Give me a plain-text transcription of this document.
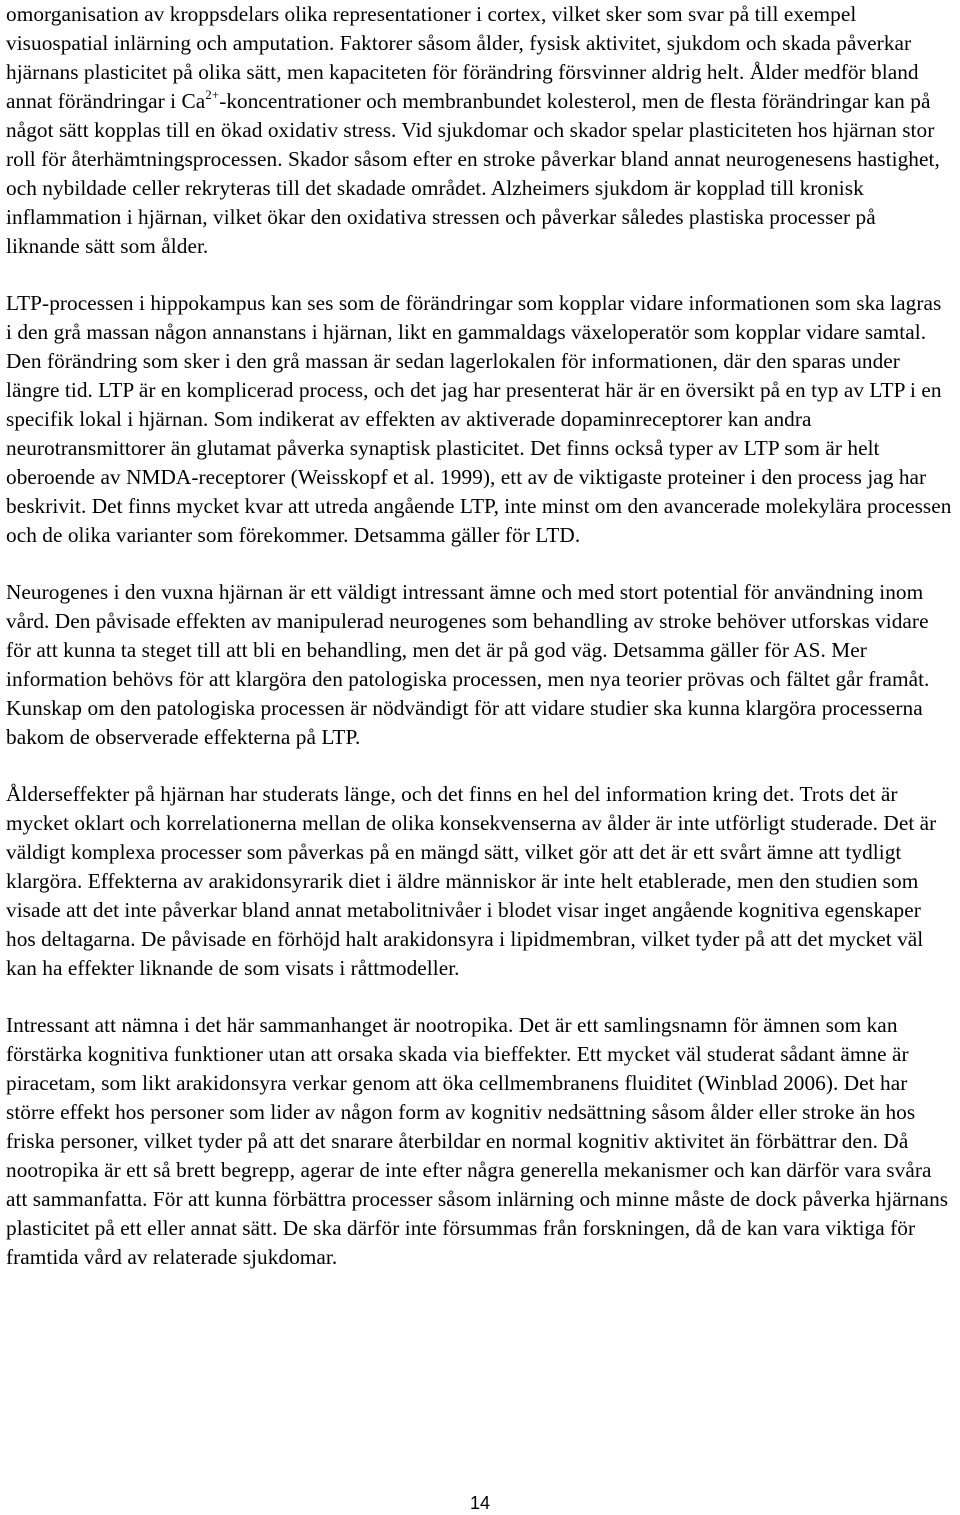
omorganisation av kroppsdelars olika representationer i cortex, vilket sker som svar på till exempel visuospatial inlärning och amputation. Faktorer såsom ålder, fysisk aktivitet, sjukdom och skada påverkar hjärnans plasticitet på olika sätt, men kapaciteten för förändring försvinner aldrig helt. Ålder medför bland annat förändringar i $Ca^{2+}$-koncentrationer och membranbundet kolesterol, men de flesta förändringar kan på något sätt kopplas till en ökad oxidativ stress. Vid sjukdomar och skador spelar plasticiteten hos hjärnan stor roll för återhämtningsprocessen. Skador såsom efter en stroke påverkar bland annat neurogenesens hastighet, och nybildade celler rekryteras till det skadade området. Alzheimers sjukdom är kopplad till kronisk inflammation i hjärnan, vilket ökar den oxidativa stressen och påverkar således plastiska processer på liknande sätt som ålder.

LTP-processen i hippokampus kan ses som de förändringar som kopplar vidare informationen som ska lagras i den grå massan någon annanstans i hjärnan, likt en gammaldags växeloperatör som kopplar vidare samtal. Den förändring som sker i den grå massan är sedan lagerlokalen för informationen, där den sparas under längre tid. LTP är en komplicerad process, och det jag har presenterat här är en översikt på en typ av LTP i en specifik lokal i hjärnan. Som indikerat av effekten av aktiverade dopaminreceptorer kan andra neurotransmittorer än glutamat påverka synaptisk plasticitet. Det finns också typer av LTP som är helt oberoende av NMDA-receptorer (Weisskopf et al. 1999), ett av de viktigaste proteiner i den process jag har beskrivit. Det finns mycket kvar att utreda angående LTP, inte minst om den avancerade molekylära processen och de olika varianter som förekommer. Detsamma gäller för LTD.

Neurogenes i den vuxna hjärnan är ett väldigt intressant ämne och med stort potential för användning inom vård. Den påvisade effekten av manipulerad neurogenes som behandling av stroke behöver utforskas vidare för att kunna ta steget till att bli en behandling, men det är på god väg. Detsamma gäller för AS. Mer information behövs för att klargöra den patologiska processen, men nya teorier prövas och fältet går framåt. Kunskap om den patologiska processen är nödvändigt för att vidare studier ska kunna klargöra processerna bakom de observerade effekterna på LTP.

Ålderseffekter på hjärnan har studerats länge, och det finns en hel del information kring det. Trots det är mycket oklart och korrelationerna mellan de olika konsekvenserna av ålder är inte utförligt studerade. Det är väldigt komplexa processer som påverkas på en mängd sätt, vilket gör att det är ett svårt ämne att tydligt klargöra. Effekterna av arakidonsyrarik diet i äldre människor är inte helt etablerade, men den studien som visade att det inte påverkar bland annat metabolitnivåer i blodet visar inget angående kognitiva egenskaper hos deltagarna. De påvisade en förhöjd halt arakidonsyra i lipidmembran, vilket tyder på att det mycket väl kan ha effekter liknande de som visats i råttmodeller.

Intressant att nämna i det här sammanhanget är nootropika. Det är ett samlingsnamn för ämnen som kan förstärka kognitiva funktioner utan att orsaka skada via bieffekter. Ett mycket väl studerat sådant ämne är piracetam, som likt arakidonsyra verkar genom att öka cellmembranens fluiditet (Winblad 2006). Det har större effekt hos personer som lider av någon form av kognitiv nedsättning såsom ålder eller stroke än hos friska personer, vilket tyder på att det snarare återbildar en normal kognitiv aktivitet än förbättrar den. Då nootropika är ett så brett begrepp, agerar de inte efter några generella mekanismer och kan därför vara svåra att sammanfatta. För att kunna förbättra processer såsom inlärning och minne måste de dock påverka hjärnans plasticitet på ett eller annat sätt. De ska därför inte försummas från forskningen, då de kan vara viktiga för framtida vård av relaterade sjukdomar.

14
